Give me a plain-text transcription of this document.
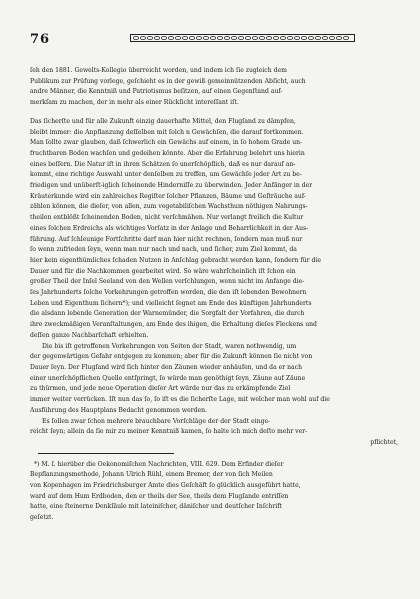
76
ſeh den 1881. Gewelts-Kollegio überreicht worden, und indem ich ſie zugleich dem
Publikum zur Prüfung vorlege, geſchieht es in der gewiß gemeinnützenden Abſicht, auch
andre Männer, die Kenntniß und Patriotismus beſitzen, auf einen Gegenſtand auf-
merkſam zu machen, der in mehr als einer Rückſicht intereſſant iſt.
Das ſicherſte und für alle Zukunft einzig dauerhafte Mittel, den Flugſand zu dämpfen,
bleibt immer: die Anpflanzung deſſelben mit ſolch n Gewächſen, die darauf fortkommen.
Man ſollte zwar glauben, daß ſchwerlich ein Gewächs auf einem, in ſo hohem Grade un-
fruchtbaren Boden wachſen und gedeihen könnte. Aber die Erfahrung belehrt uns hierin
eines beſſern. Die Natur iſt in ihren Schätzen ſo unerſchöpflich, daß es nur darauf an-
kommt, eine richtige Auswahl unter denſelben zu treffen, um Gewächſe jeder Art zu be-
friedigen und unüberſt-iglich ſcheinende Hinderniſſe zu überwinden. Jeder Anfänger in der
Kräuterkunde wird ein zahlreiches Regiſter ſolcher Pflanzen, Bäume und Geſträuche auf-
zählen können, die dieſer, von allen, zum vegetabiliſchen Wachsthum nöthigen Nahrungs-
theilen entblößt ſcheinenden Boden, nicht verſchmähen. Nur verlangt freilich die Kultur
eines ſolchen Erdreichs als wichtiges Vorſatz in der Anlage und Beharrlichkeit in der Aus-
führung. Auf ſchleunige Fortſchritte darf man hier nicht rechnen, ſondern man muß nur
ſo wenn zufrieden ſeyn, wenn man nur nach und nach, und ſicher, zum Ziel kommt, da
hier kein eigenthümliches ſchaden Nutzen in Anſchlag gebracht werden kann, ſondern für die
Dauer und für die Nachkommen gearbeitet wird. So wäre wahrſcheinlich iſt ſchon ein
großer Theil der Inſel Seeland von den Wellen verſchlungen, wenn nicht im Anfange die-
ſes Jahrhunderts ſolche Vorkehrungen getroffen worden, die den iſt lebenden Bewohnern
Leben und Eigenthum ſichern*); und vielleicht ſegnet am Ende des künftigen Jahrhunderts
die alsdann lebende Generation der Warnemünder, die Sorgfalt der Vorfahren, die durch
ihre zweckmäßigen Veranſtaltungen, am Ende des ihigen, die Erhaltung dieſes Fleckens und
deſſen ganze Nachbarſchaft erhielten.
Die bis iſt getroffenen Vorkehrungen von Seiten der Stadt, waren nothwendig, um
der gegenwärtigen Gefahr entgegen zu kommen; aber für die Zukunft können ſie nicht von
Dauer ſeyn. Der Flugſand wird ſich hinter den Zäunen wieder anhäufen, und da er nach
einer unerſchöpflichen Quelle entſpringt, ſo würde man genöthigt ſeyn, Zäune auf Zäune
zu thürmen, und jede neue Operation dieſer Art würde nur das zu erkämpfende Ziel
immer weiter verrücken. Iſt nun das ſo, ſo iſt es die ſicherſte Lage, mit welcher man wohl auf die
Ausführung des Hauptplans Bedacht genommen werden.
Es ſollen zwar ſchon mehrere brauchbare Vorſchläge der der Stadt einge-
reicht ſeyn; allein da ſie mir zu meiner Kenntniß kamen, ſo halte ich mich deſto mehr ver-
pflichtet,
*) M. ſ. hierüber die Oekonomiſchen Nachrichten, VIII. 629. Dem Erfinder dieſer
Bepflanzungsmethode, Johann Ulrich Rühl, einem Bremer, der von ſich Meilen
von Kopenhagen im Friedrichsburger Amte dies Geſchäft ſo glücklich ausgeführt hatte,
ward auf dem Hum Erdboden, den er theils der See, theils dem Flugſande entriſſen
hatte, eine ſteinerne Denkſäule mit lateiniſcher, däniſcher und deutſcher Inſchrift
geſetzt.
